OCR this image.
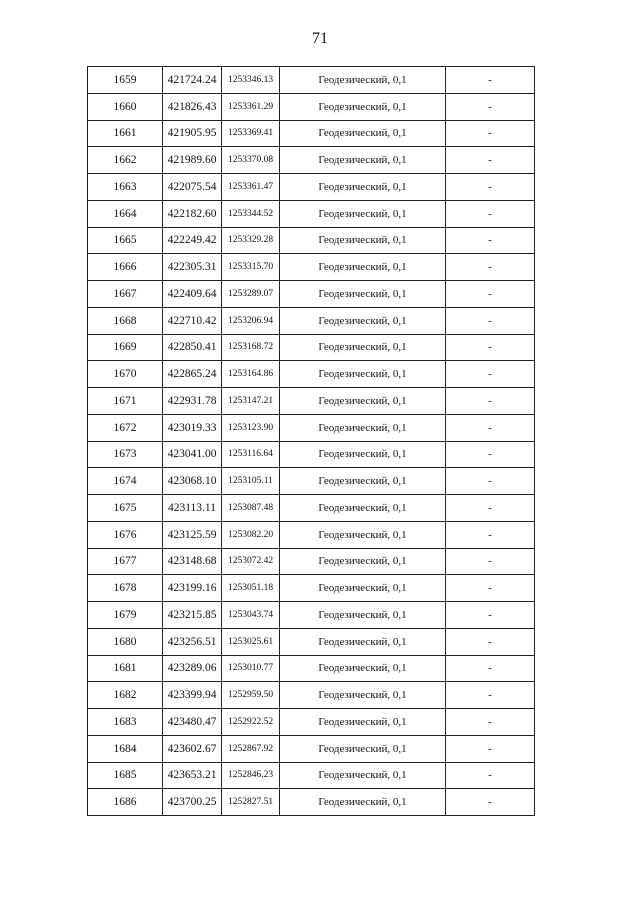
71
1659	421724.24	1253346.13	Геодезический, 0,1	-
1660	421826.43	1253361.29	Геодезический, 0,1	-
1661	421905.95	1253369.41	Геодезический, 0,1	-
1662	421989.60	1253370.08	Геодезический, 0,1	-
1663	422075.54	1253361.47	Геодезический, 0,1	-
1664	422182.60	1253344.52	Геодезический, 0,1	-
1665	422249.42	1253329.28	Геодезический, 0,1	-
1666	422305.31	1253315.70	Геодезический, 0,1	-
1667	422409.64	1253289.07	Геодезический, 0,1	-
1668	422710.42	1253206.94	Геодезический, 0,1	-
1669	422850.41	1253168.72	Геодезический, 0,1	-
1670	422865.24	1253164.86	Геодезический, 0,1	-
1671	422931.78	1253147.21	Геодезический, 0,1	-
1672	423019.33	1253123.90	Геодезический, 0,1	-
1673	423041.00	1253116.64	Геодезический, 0,1	-
1674	423068.10	1253105.11	Геодезический, 0,1	-
1675	423113.11	1253087.48	Геодезический, 0,1	-
1676	423125.59	1253082.20	Геодезический, 0,1	-
1677	423148.68	1253072.42	Геодезический, 0,1	-
1678	423199.16	1253051.18	Геодезический, 0,1	-
1679	423215.85	1253043.74	Геодезический, 0,1	-
1680	423256.51	1253025.61	Геодезический, 0,1	-
1681	423289.06	1253010.77	Геодезический, 0,1	-
1682	423399.94	1252959.50	Геодезический, 0,1	-
1683	423480.47	1252922.52	Геодезический, 0,1	-
1684	423602.67	1252867.92	Геодезический, 0,1	-
1685	423653.21	1252846.23	Геодезический, 0,1	-
1686	423700.25	1252827.51	Геодезический, 0,1	-
